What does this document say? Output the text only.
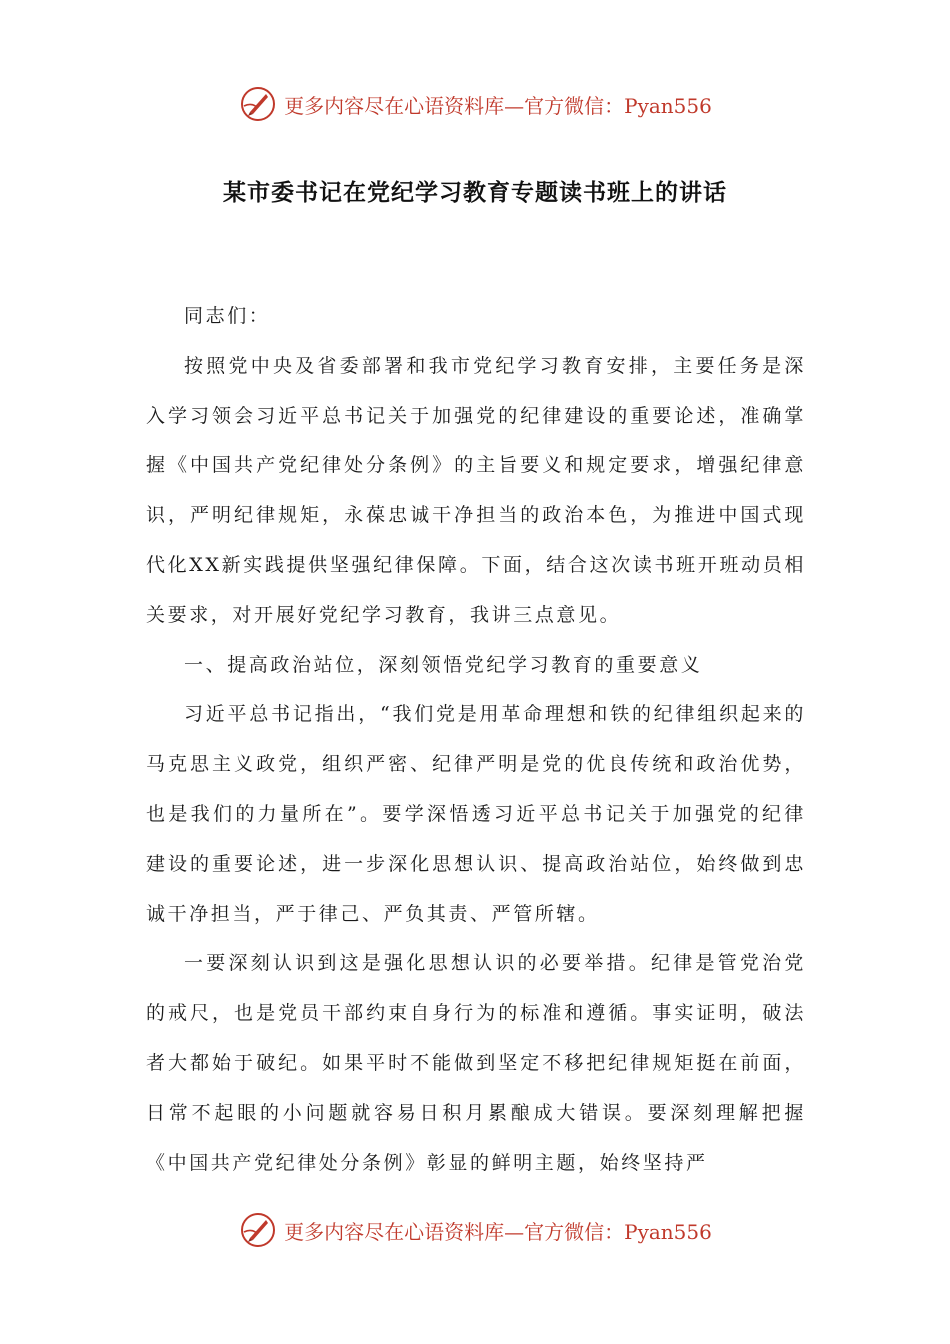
更多内容尽在心语资料库—官方微信：Pyan556
某市委书记在党纪学习教育专题读书班上的讲话

同志们：

按照党中央及省委部署和我市党纪学习教育安排，主要任务是深入学习领会习近平总书记关于加强党的纪律建设的重要论述，准确掌握《中国共产党纪律处分条例》的主旨要义和规定要求，增强纪律意识，严明纪律规矩，永葆忠诚干净担当的政治本色，为推进中国式现代化XX新实践提供坚强纪律保障。下面，结合这次读书班开班动员相关要求，对开展好党纪学习教育，我讲三点意见。

一、提高政治站位，深刻领悟党纪学习教育的重要意义

习近平总书记指出，“我们党是用革命理想和铁的纪律组织起来的马克思主义政党，组织严密、纪律严明是党的优良传统和政治优势，也是我们的力量所在”。要学深悟透习近平总书记关于加强党的纪律建设的重要论述，进一步深化思想认识、提高政治站位，始终做到忠诚干净担当，严于律己、严负其责、严管所辖。

一要深刻认识到这是强化思想认识的必要举措。纪律是管党治党的戒尺，也是党员干部约束自身行为的标准和遵循。事实证明，破法者大都始于破纪。如果平时不能做到坚定不移把纪律规矩挺在前面，日常不起眼的小问题就容易日积月累酿成大错误。要深刻理解把握《中国共产党纪律处分条例》彰显的鲜明主题，始终坚持严

更多内容尽在心语资料库—官方微信：Pyan556
